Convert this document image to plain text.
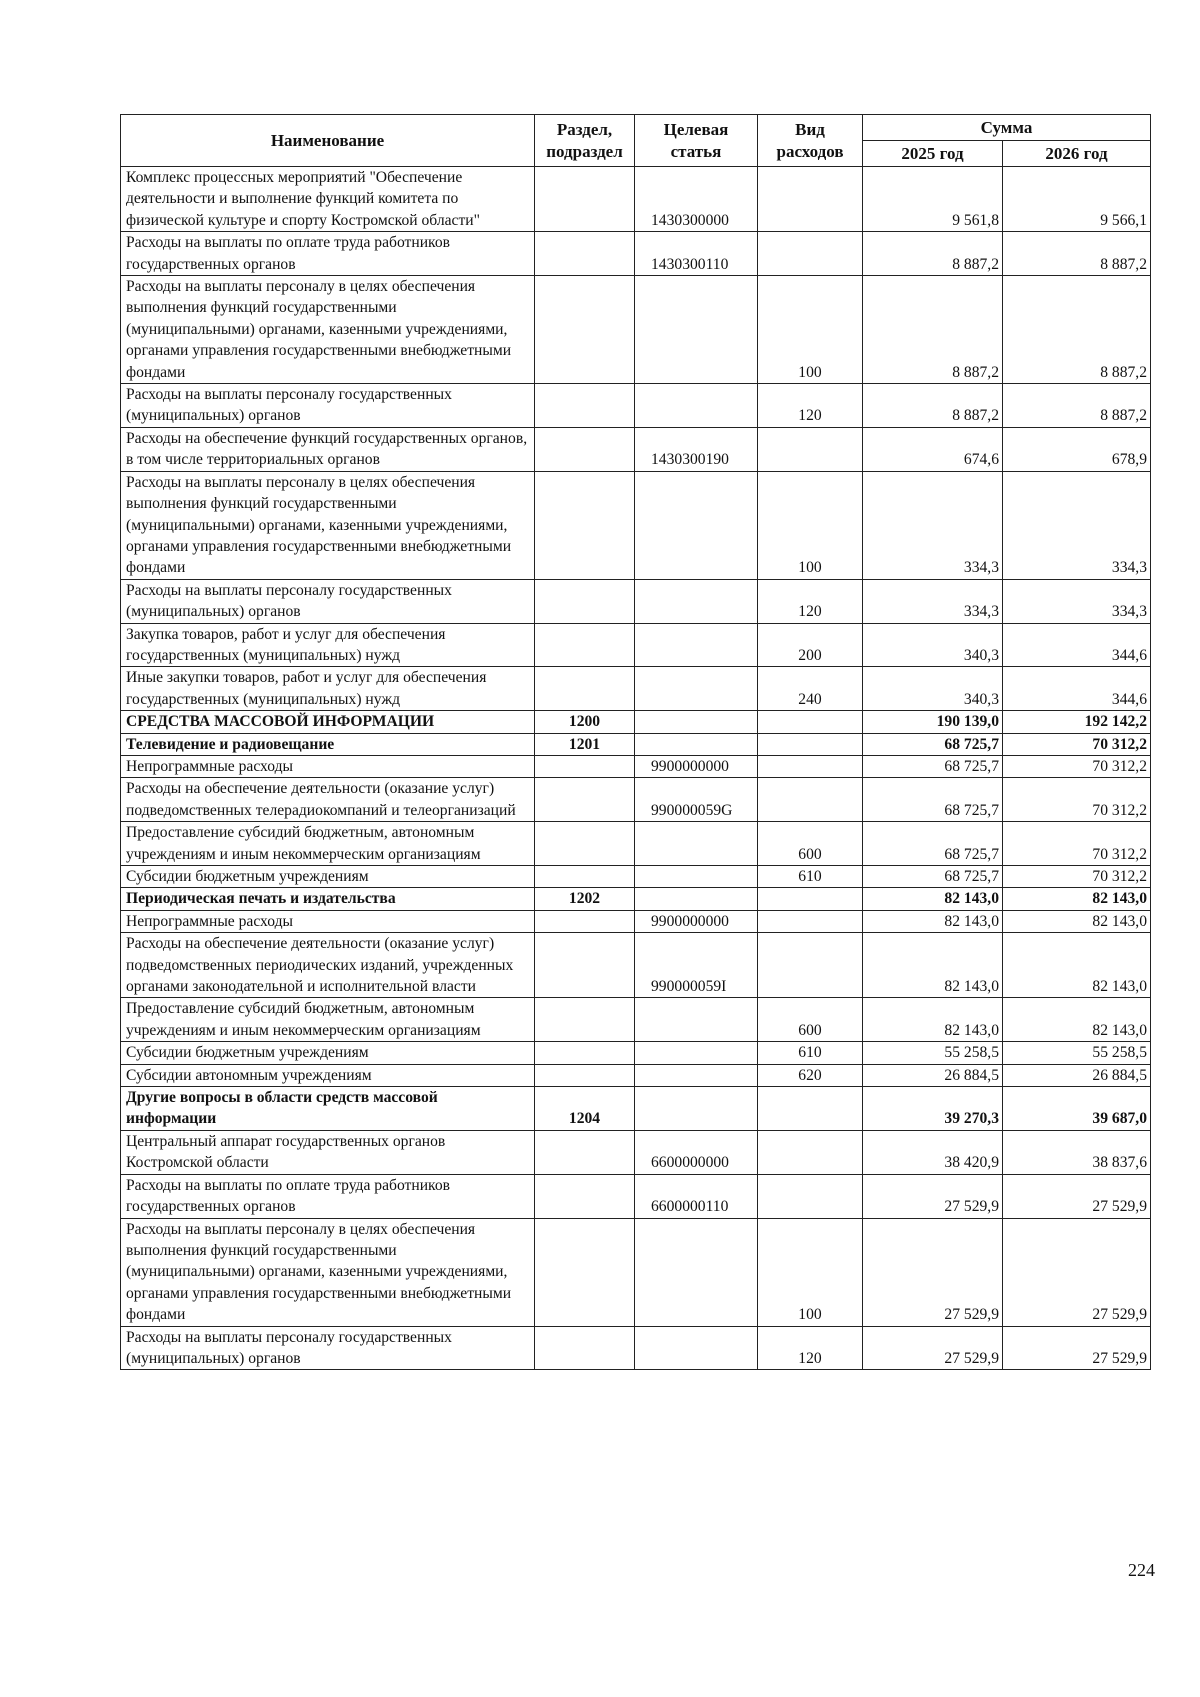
Наименование	Раздел, подраздел	Целевая статья	Вид расходов	Сумма	
				2025 год	2026 год
Комплекс процессных мероприятий "Обеспечение деятельности и выполнение функций комитета по физической культуре и спорту Костромской области"		1430300000		9 561,8	9 566,1
Расходы на выплаты по оплате труда работников государственных органов		1430300110		8 887,2	8 887,2
Расходы на выплаты персоналу в целях обеспечения выполнения функций государственными (муниципальными) органами, казенными учреждениями, органами управления государственными внебюджетными фондами			100	8 887,2	8 887,2
Расходы на выплаты персоналу государственных (муниципальных) органов			120	8 887,2	8 887,2
Расходы на обеспечение функций государственных органов, в том числе территориальных органов		1430300190		674,6	678,9
Расходы на выплаты персоналу в целях обеспечения выполнения функций государственными (муниципальными) органами, казенными учреждениями, органами управления государственными внебюджетными фондами			100	334,3	334,3
Расходы на выплаты персоналу государственных (муниципальных) органов			120	334,3	334,3
Закупка товаров, работ и услуг для обеспечения государственных (муниципальных) нужд			200	340,3	344,6
Иные закупки товаров, работ и услуг для обеспечения государственных (муниципальных) нужд			240	340,3	344,6
СРЕДСТВА МАССОВОЙ ИНФОРМАЦИИ	1200			190 139,0	192 142,2
Телевидение и радиовещание	1201			68 725,7	70 312,2
Непрограммные расходы		9900000000		68 725,7	70 312,2
Расходы на обеспечение деятельности (оказание услуг) подведомственных телерадиокомпаний и телеорганизаций		990000059G		68 725,7	70 312,2
Предоставление субсидий бюджетным, автономным учреждениям и иным некоммерческим организациям			600	68 725,7	70 312,2
Субсидии бюджетным учреждениям			610	68 725,7	70 312,2
Периодическая печать и издательства	1202			82 143,0	82 143,0
Непрограммные расходы		9900000000		82 143,0	82 143,0
Расходы на обеспечение деятельности (оказание услуг) подведомственных периодических изданий, учрежденных органами законодательной и исполнительной власти		990000059I		82 143,0	82 143,0
Предоставление субсидий бюджетным, автономным учреждениям и иным некоммерческим организациям			600	82 143,0	82 143,0
Субсидии бюджетным учреждениям			610	55 258,5	55 258,5
Субсидии автономным учреждениям			620	26 884,5	26 884,5
Другие вопросы в области средств массовой информации	1204			39 270,3	39 687,0
Центральный аппарат государственных органов Костромской области		6600000000		38 420,9	38 837,6
Расходы на выплаты по оплате труда работников государственных органов		6600000110		27 529,9	27 529,9
Расходы на выплаты персоналу в целях обеспечения выполнения функций государственными (муниципальными) органами, казенными учреждениями, органами управления государственными внебюджетными фондами			100	27 529,9	27 529,9
Расходы на выплаты персоналу государственных (муниципальных) органов			120	27 529,9	27 529,9
224
